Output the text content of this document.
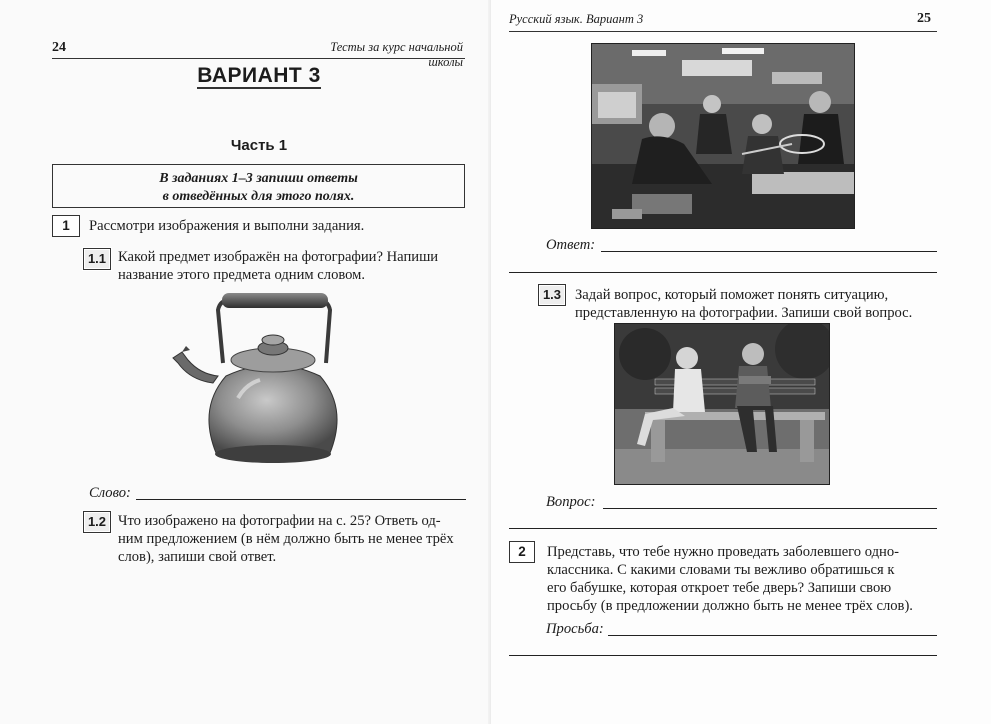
24	Тесты за курс начальной школы
ВАРИАНТ 3
Часть 1
В заданиях 1–3 запиши ответы
в отведённых для этого полях.
1	Рассмотри изображения и выполни задания.
1.1 Какой предмет изображён на фотографии? Напиши
название этого предмета одним словом.
Слово:
1.2 Что изображено на фотографии на с. 25? Ответь од-
ним предложением (в нём должно быть не менее трёх
слов), запиши свой ответ.
Русский язык. Вариант 3	25
Ответ:
1.3 Задай вопрос, который поможет понять ситуацию,
представленную на фотографии. Запиши свой вопрос.
Вопрос:
2	Представь, что тебе нужно проведать заболевшего одно-
классника. С какими словами ты вежливо обратишься к
его бабушке, которая откроет тебе дверь? Запиши свою
просьбу (в предложении должно быть не менее трёх слов).
Просьба:
